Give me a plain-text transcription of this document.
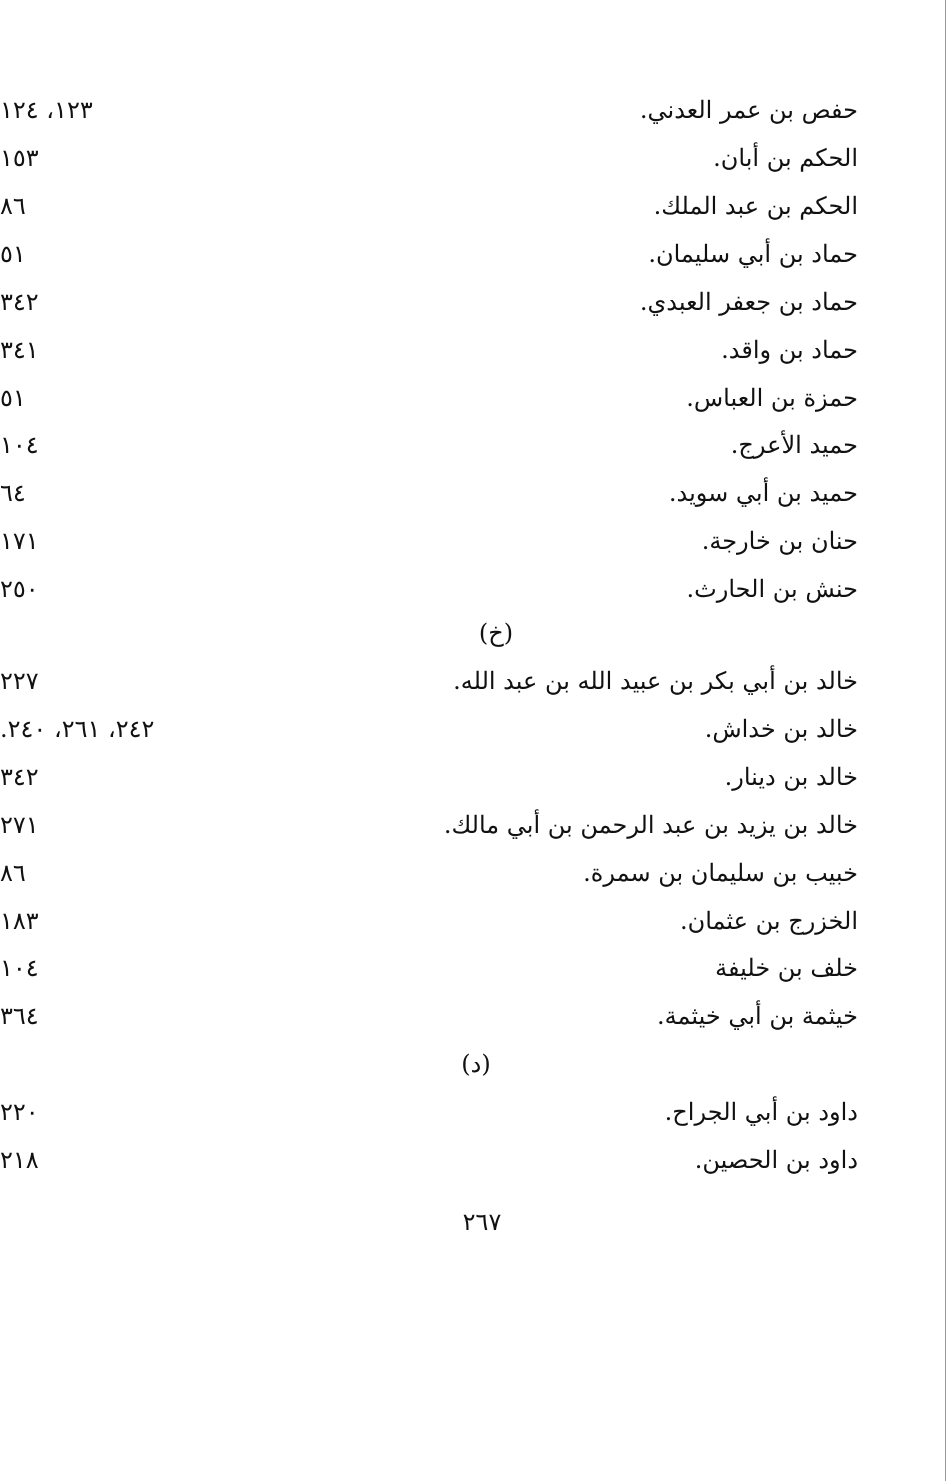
حفص بن عمر العدني.
١٢٣، ١٢٤
الحكم بن أبان.
١٥٣
الحكم بن عبد الملك.
٨٦
حماد بن أبي سليمان.
٥١
حماد بن جعفر العبدي.
٣٤٢
حماد بن واقد.
٣٤١
حمزة بن العباس.
٥١
حميد الأعرج.
١٠٤
حميد بن أبي سويد.
٦٤
حنان بن خارجة.
١٧١
حنش بن الحارث.
٢٥٠
(خ)
خالد بن أبي بكر بن عبيد الله بن عبد الله.
٢٢٧
خالد بن خداش.
٢٤٢، ٢٦١، ٢٤٠.
خالد بن دينار.
٣٤٢
خالد بن يزيد بن عبد الرحمن بن أبي مالك.
٢٧١
خبيب بن سليمان بن سمرة.
٨٦
الخزرج بن عثمان.
١٨٣
خلف بن خليفة
١٠٤
خيثمة بن أبي خيثمة.
٣٦٤
(د)
داود بن أبي الجراح.
٢٢٠
داود بن الحصين.
٢١٨
٢٦٧
